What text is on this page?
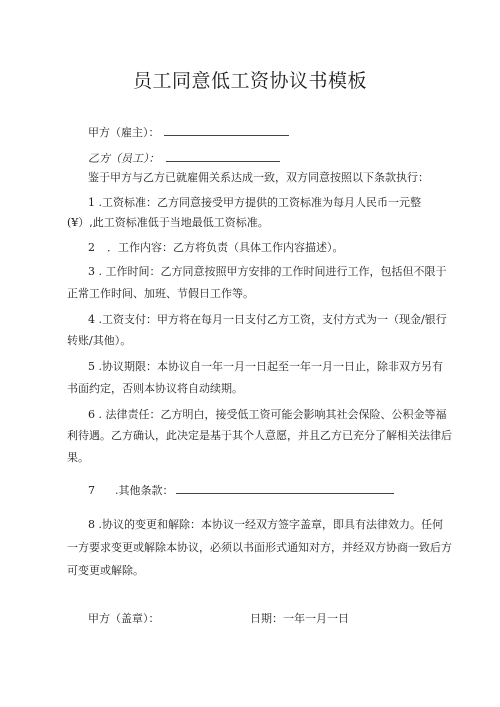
员工同意低工资协议书模板
甲方（雇主）：
乙方（员工）：
鉴于甲方与乙方已就雇佣关系达成一致，双方同意按照以下条款执行：
1 .工资标准：乙方同意接受甲方提供的工资标准为每月人民币一元整
(¥）,此工资标准低于当地最低工资标准。
2 ．工作内容：乙方将负责（具体工作内容描述）。
3 . 工作时间：乙方同意按照甲方安排的工作时间进行工作，包括但不限于
正常工作时间、加班、节假日工作等。
4 .工资支付：甲方将在每月一日支付乙方工资，支付方式为一（现金/银行
转账/其他）。
5 .协议期限：本协议自一年一月一日起至一年一月一日止，除非双方另有
书面约定，否则本协议将自动续期。
6 . 法律责任：乙方明白，接受低工资可能会影响其社会保险、公积金等福
利待遇。乙方确认，此决定是基于其个人意愿，并且乙方已充分了解相关法律后
果。
7 .其他条款：
8 .协议的变更和解除：本协议一经双方签字盖章，即具有法律效力。任何
一方要求变更或解除本协议，必须以书面形式通知对方，并经双方协商一致后方
可变更或解除。
甲方（盖章）：	日期：一年一月一日
